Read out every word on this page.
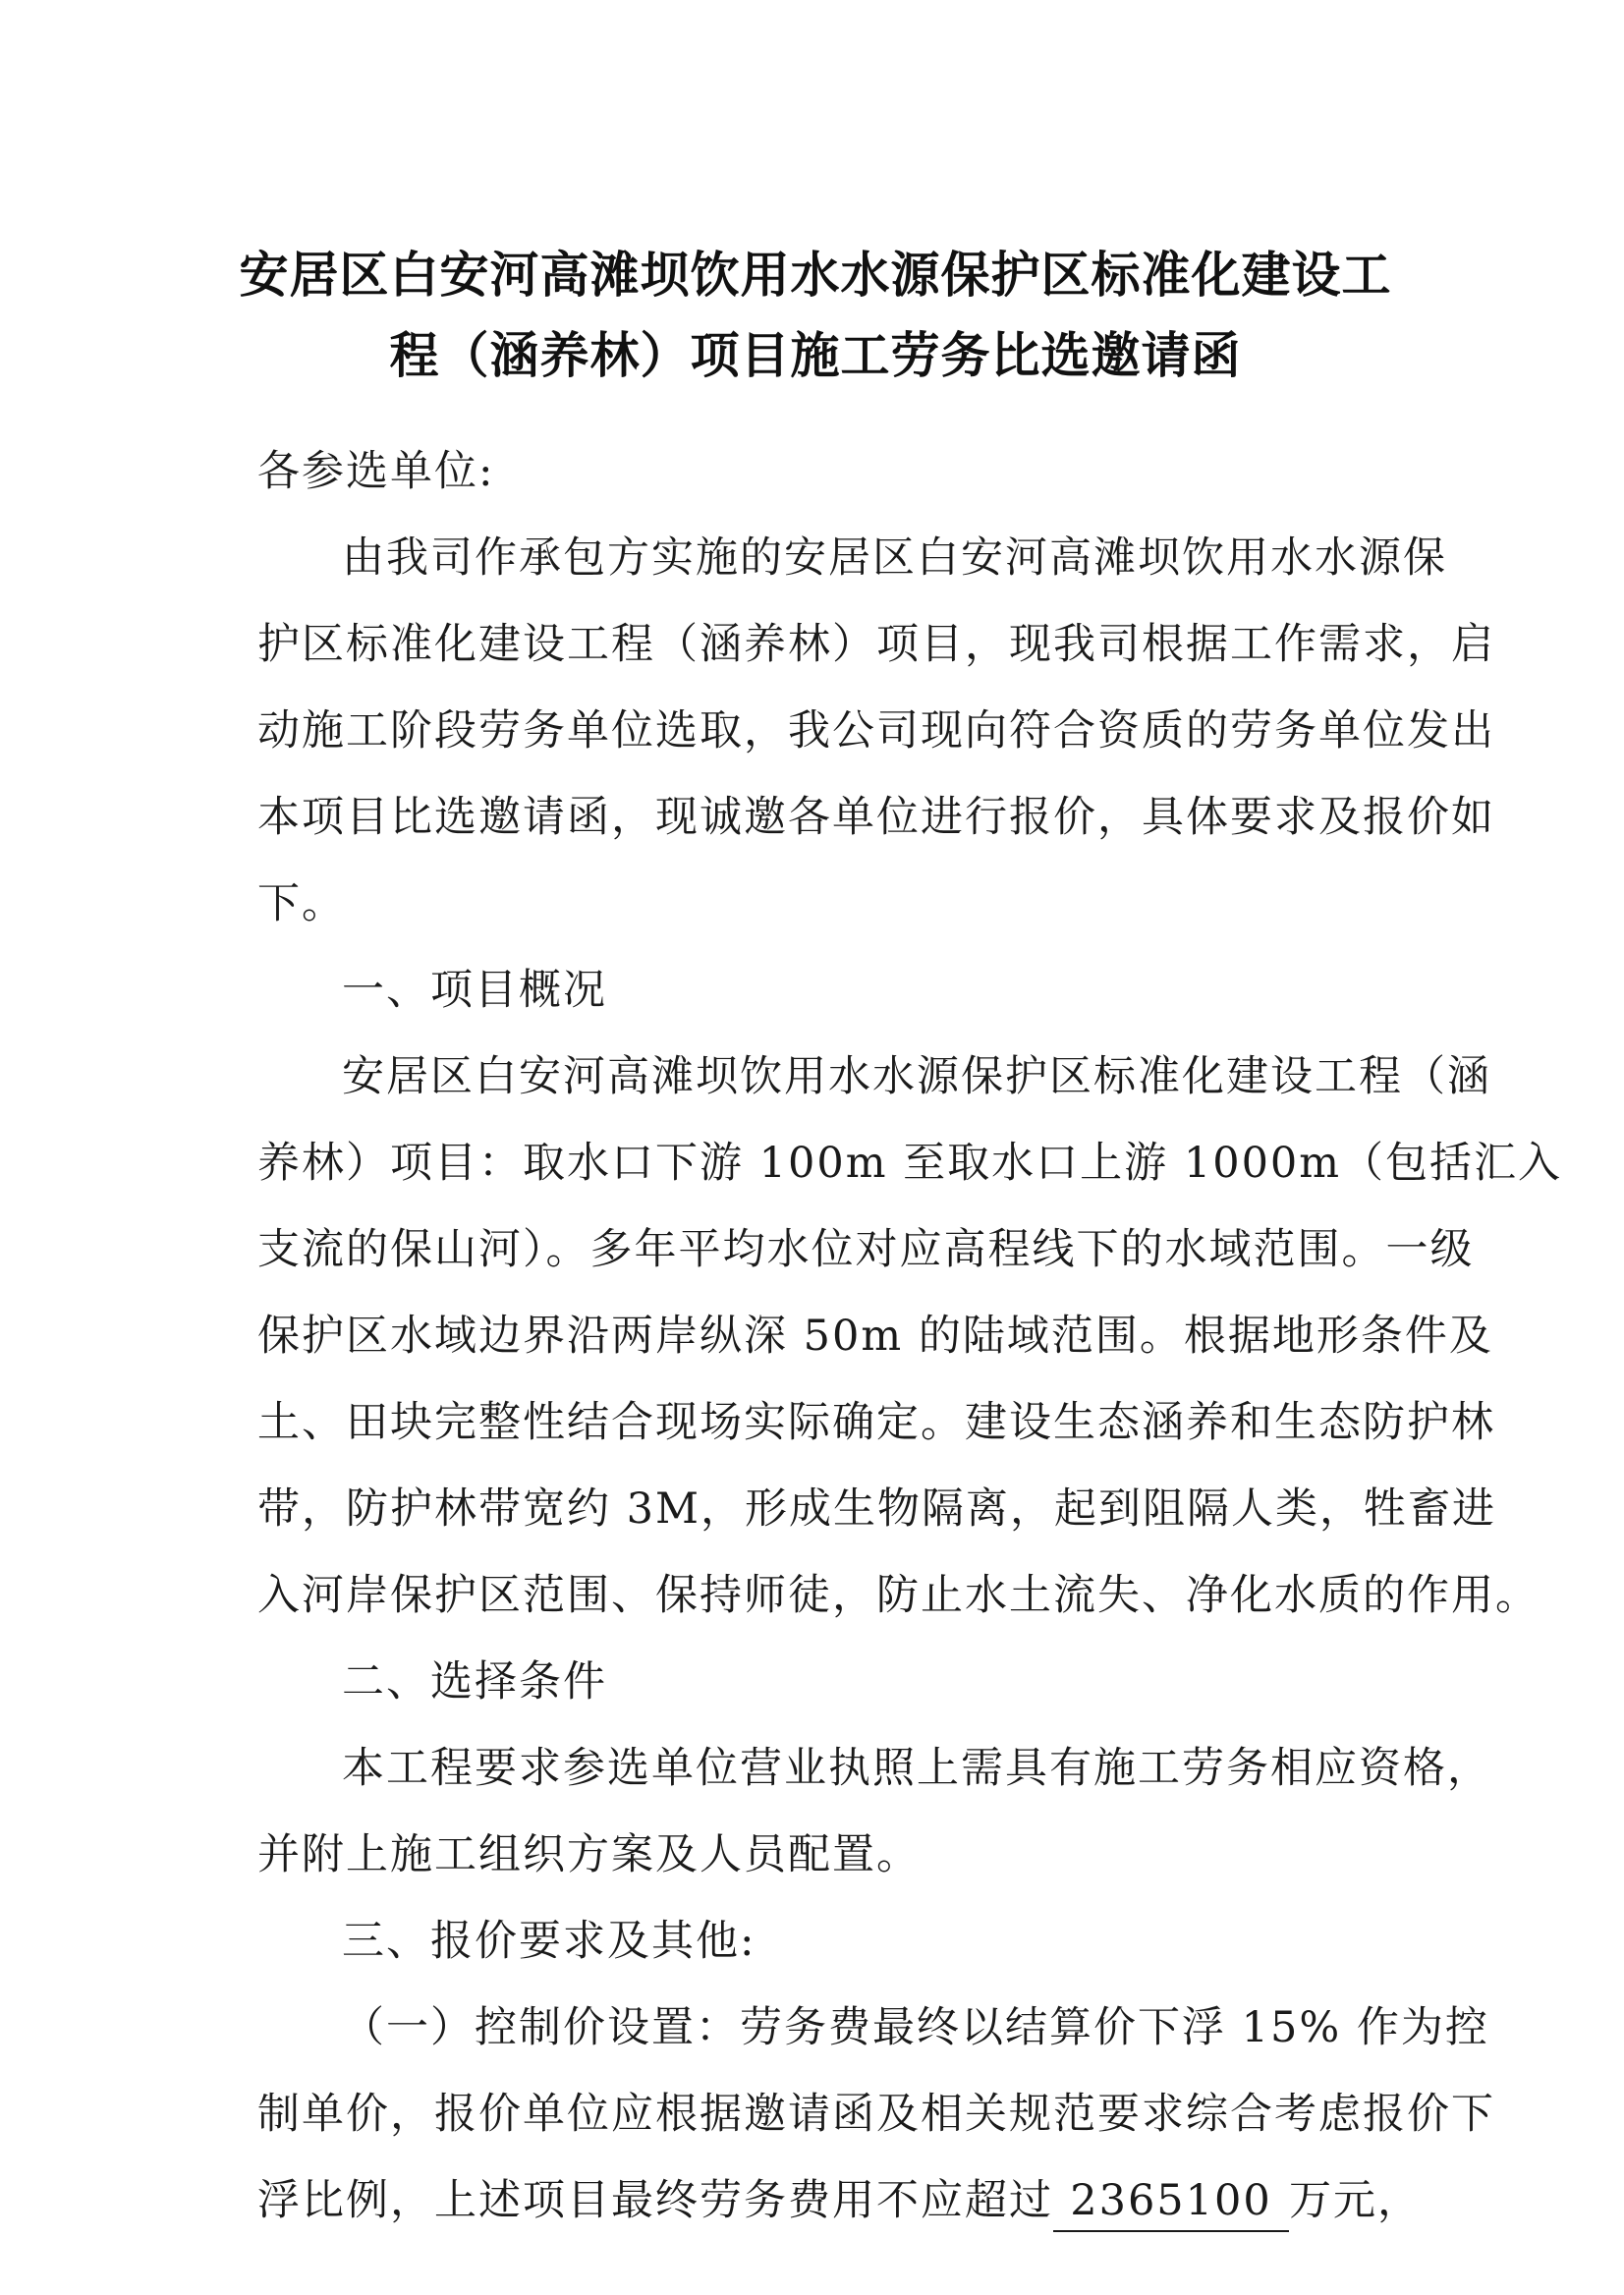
安居区白安河高滩坝饮用水水源保护区标准化建设工
程（涵养林）项目施工劳务比选邀请函
各参选单位:
由我司作承包方实施的安居区白安河高滩坝饮用水水源保
护区标准化建设工程（涵养林）项目，现我司根据工作需求，启
动施工阶段劳务单位选取，我公司现向符合资质的劳务单位发出
本项目比选邀请函，现诚邀各单位进行报价，具体要求及报价如
下。
一、项目概况
安居区白安河高滩坝饮用水水源保护区标准化建设工程（涵
养林）项目：取水口下游 100m 至取水口上游 1000m（包括汇入
支流的保山河）。多年平均水位对应高程线下的水域范围。一级
保护区水域边界沿两岸纵深 50m 的陆域范围。根据地形条件及
土、田块完整性结合现场实际确定。建设生态涵养和生态防护林
带，防护林带宽约 3M，形成生物隔离，起到阻隔人类，牲畜进
入河岸保护区范围、保持师徒，防止水土流失、净化水质的作用。
二、选择条件
本工程要求参选单位营业执照上需具有施工劳务相应资格，
并附上施工组织方案及人员配置。
三、报价要求及其他:
（一）控制价设置：劳务费最终以结算价下浮 15% 作为控
制单价，报价单位应根据邀请函及相关规范要求综合考虑报价下
浮比例，上述项目最终劳务费用不应超过 2365100 万元，
